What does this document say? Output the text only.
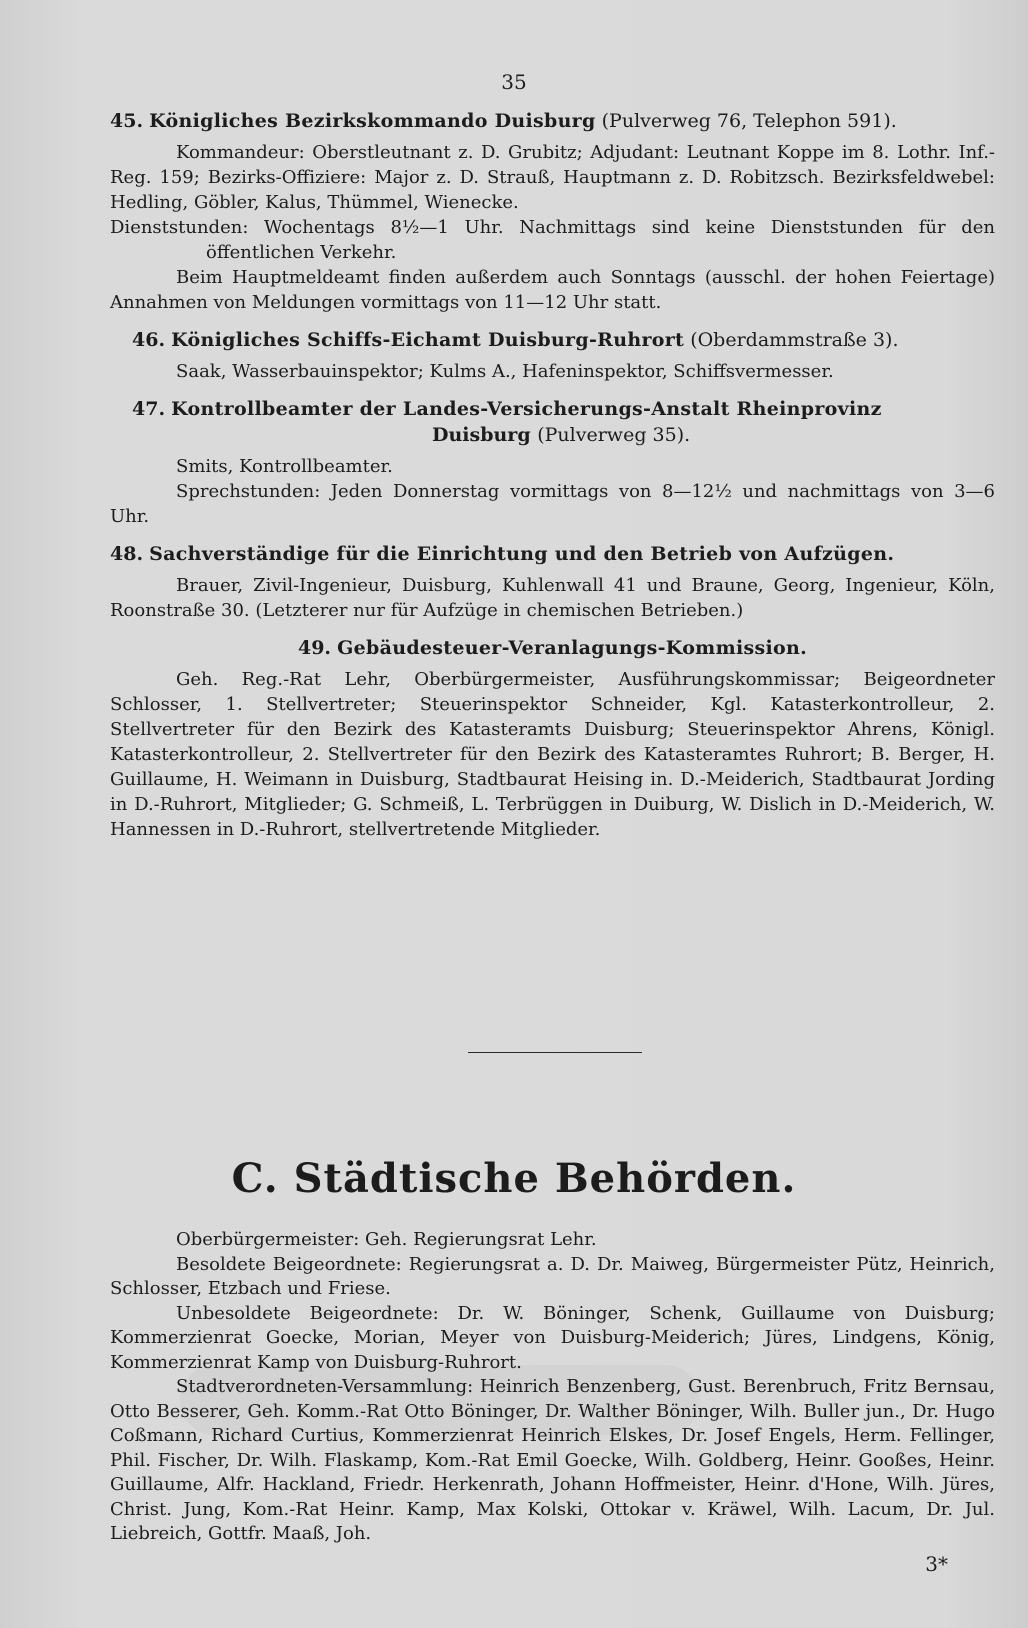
35

45. Königliches Bezirkskommando Duisburg (Pulverweg 76, Telephon 591).

Kommandeur: Oberstleutnant z. D. Grubitz; Adjudant: Leutnant Koppe im 8. Lothr. Inf.-Reg. 159; Bezirks-Offiziere: Major z. D. Strauß, Hauptmann z. D. Robitzsch. Bezirksfeldwebel: Hedling, Göbler, Kalus, Thümmel, Wienecke.

Dienststunden: Wochentags 8½—1 Uhr. Nachmittags sind keine Dienststunden für den öffentlichen Verkehr.

Beim Hauptmeldeamt finden außerdem auch Sonntags (ausschl. der hohen Feiertage) Annahmen von Meldungen vormittags von 11—12 Uhr statt.

46. Königliches Schiffs-Eichamt Duisburg-Ruhrort (Oberdammstraße 3).

Saak, Wasserbauinspektor; Kulms A., Hafeninspektor, Schiffsvermesser.

47. Kontrollbeamter der Landes-Versicherungs-Anstalt Rheinprovinz
Duisburg (Pulverweg 35).

Smits, Kontrollbeamter.

Sprechstunden: Jeden Donnerstag vormittags von 8—12½ und nachmittags von 3—6 Uhr.

48. Sachverständige für die Einrichtung und den Betrieb von Aufzügen.

Brauer, Zivil-Ingenieur, Duisburg, Kuhlenwall 41 und Braune, Georg, Ingenieur, Köln, Roonstraße 30. (Letzterer nur für Aufzüge in chemischen Betrieben.)

49. Gebäudesteuer-Veranlagungs-Kommission.

Geh. Reg.-Rat Lehr, Oberbürgermeister, Ausführungskommissar; Beigeordneter Schlosser, 1. Stellvertreter; Steuerinspektor Schneider, Kgl. Katasterkontrolleur, 2. Stellvertreter für den Bezirk des Katasteramts Duisburg; Steuerinspektor Ahrens, Königl. Katasterkontrolleur, 2. Stellvertreter für den Bezirk des Katasteramtes Ruhrort; B. Berger, H. Guillaume, H. Weimann in Duisburg, Stadtbaurat Heising in. D.-Meiderich, Stadtbaurat Jording in D.-Ruhrort, Mitglieder; G. Schmeiß, L. Terbrüggen in Duiburg, W. Dislich in D.-Meiderich, W. Hannessen in D.-Ruhrort, stellvertretende Mitglieder.

C. Städtische Behörden.

Oberbürgermeister: Geh. Regierungsrat Lehr.

Besoldete Beigeordnete: Regierungsrat a. D. Dr. Maiweg, Bürgermeister Pütz, Heinrich, Schlosser, Etzbach und Friese.

Unbesoldete Beigeordnete: Dr. W. Böninger, Schenk, Guillaume von Duisburg; Kommerzienrat Goecke, Morian, Meyer von Duisburg-Meiderich; Jüres, Lindgens, König, Kommerzienrat Kamp von Duisburg-Ruhrort.

Stadtverordneten-Versammlung: Heinrich Benzenberg, Gust. Berenbruch, Fritz Bernsau, Otto Besserer, Geh. Komm.-Rat Otto Böninger, Dr. Walther Böninger, Wilh. Buller jun., Dr. Hugo Coßmann, Richard Curtius, Kommerzienrat Heinrich Elskes, Dr. Josef Engels, Herm. Fellinger, Phil. Fischer, Dr. Wilh. Flaskamp, Kom.-Rat Emil Goecke, Wilh. Goldberg, Heinr. Gooßes, Heinr. Guillaume, Alfr. Hackland, Friedr. Herkenrath, Johann Hoffmeister, Heinr. d'Hone, Wilh. Jüres, Christ. Jung, Kom.-Rat Heinr. Kamp, Max Kolski, Ottokar v. Kräwel, Wilh. Lacum, Dr. Jul. Liebreich, Gottfr. Maaß, Joh.

3*
